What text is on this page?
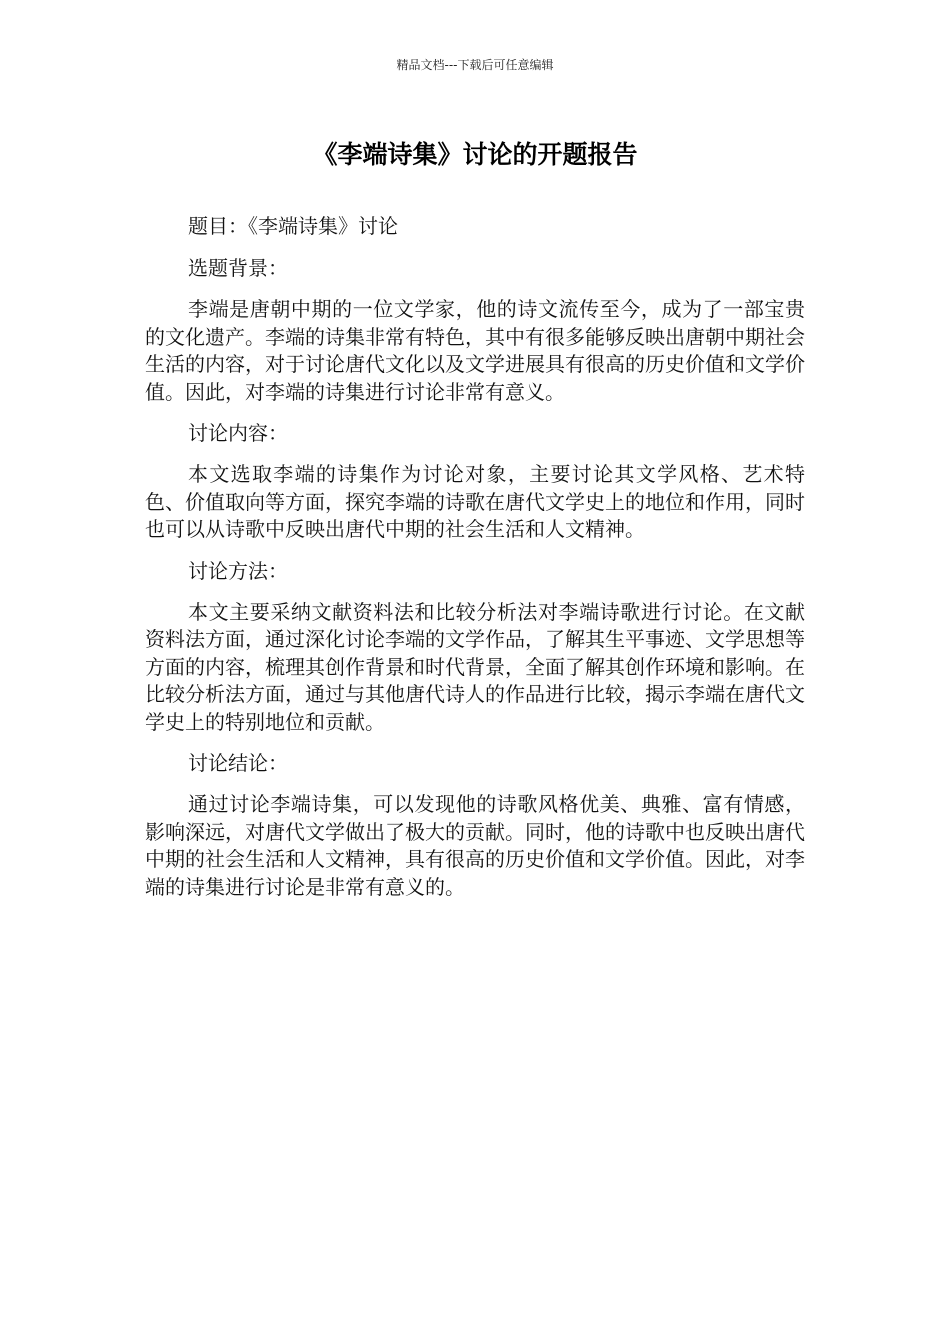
精品文档---下载后可任意编辑
《李端诗集》讨论的开题报告
题目：《李端诗集》讨论
选题背景：
李端是唐朝中期的一位文学家，他的诗文流传至今，成为了一部宝贵的文化遗产。李端的诗集非常有特色，其中有很多能够反映出唐朝中期社会生活的内容，对于讨论唐代文化以及文学进展具有很高的历史价值和文学价值。因此，对李端的诗集进行讨论非常有意义。
讨论内容：
本文选取李端的诗集作为讨论对象，主要讨论其文学风格、艺术特色、价值取向等方面，探究李端的诗歌在唐代文学史上的地位和作用，同时也可以从诗歌中反映出唐代中期的社会生活和人文精神。
讨论方法：
本文主要采纳文献资料法和比较分析法对李端诗歌进行讨论。在文献资料法方面，通过深化讨论李端的文学作品，了解其生平事迹、文学思想等方面的内容，梳理其创作背景和时代背景，全面了解其创作环境和影响。在比较分析法方面，通过与其他唐代诗人的作品进行比较，揭示李端在唐代文学史上的特别地位和贡献。
讨论结论：
通过讨论李端诗集，可以发现他的诗歌风格优美、典雅、富有情感，影响深远，对唐代文学做出了极大的贡献。同时，他的诗歌中也反映出唐代中期的社会生活和人文精神，具有很高的历史价值和文学价值。因此，对李端的诗集进行讨论是非常有意义的。
